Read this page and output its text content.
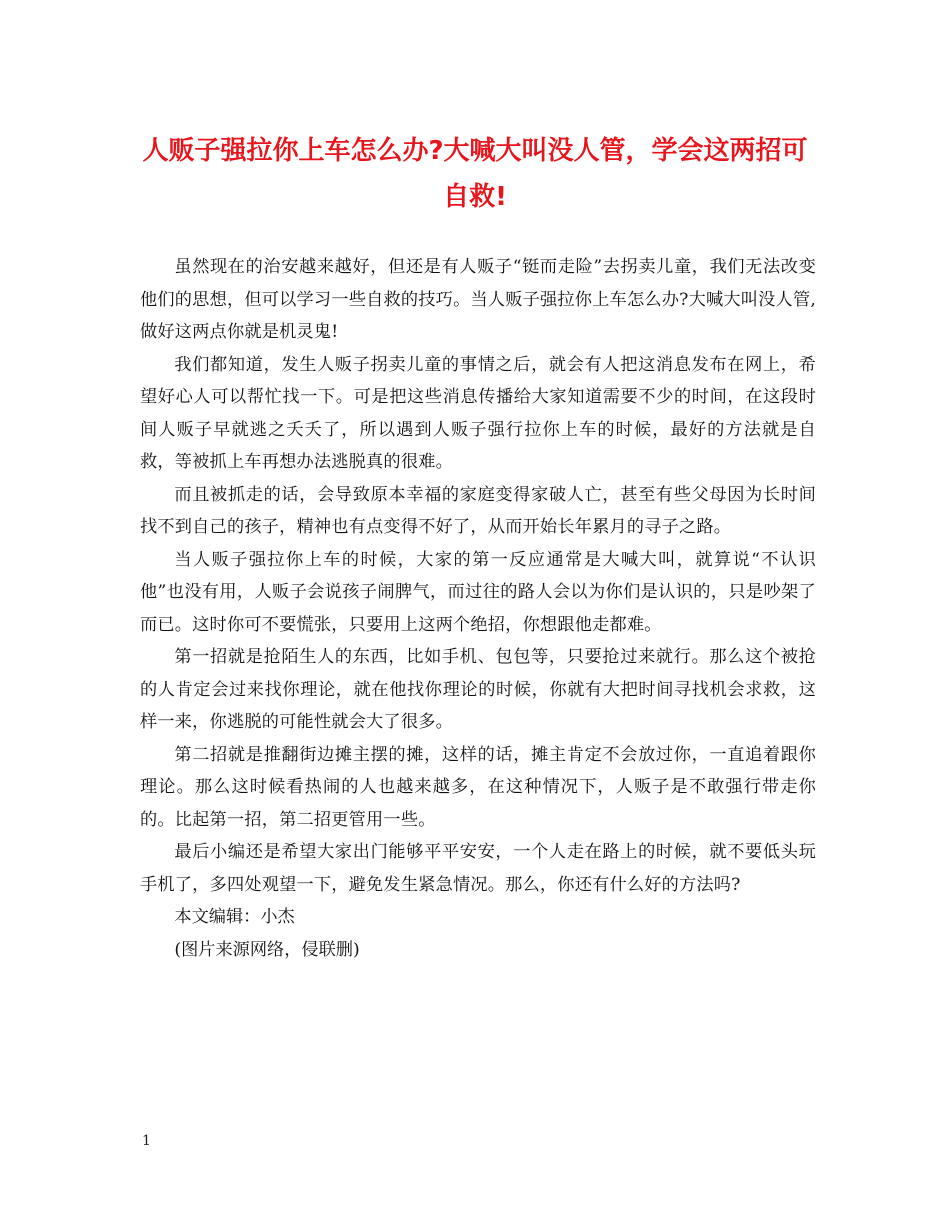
人贩子强拉你上车怎么办?大喊大叫没人管，学会这两招可自救!

虽然现在的治安越来越好，但还是有人贩子“铤而走险”去拐卖儿童，我们无法改变他们的思想，但可以学习一些自救的技巧。当人贩子强拉你上车怎么办?大喊大叫没人管,做好这两点你就是机灵鬼!

我们都知道，发生人贩子拐卖儿童的事情之后，就会有人把这消息发布在网上，希望好心人可以帮忙找一下。可是把这些消息传播给大家知道需要不少的时间，在这段时间人贩子早就逃之夭夭了，所以遇到人贩子强行拉你上车的时候，最好的方法就是自救，等被抓上车再想办法逃脱真的很难。

而且被抓走的话，会导致原本幸福的家庭变得家破人亡，甚至有些父母因为长时间找不到自己的孩子，精神也有点变得不好了，从而开始长年累月的寻子之路。

当人贩子强拉你上车的时候，大家的第一反应通常是大喊大叫，就算说“不认识他”也没有用，人贩子会说孩子闹脾气，而过往的路人会以为你们是认识的，只是吵架了而已。这时你可不要慌张，只要用上这两个绝招，你想跟他走都难。

第一招就是抢陌生人的东西，比如手机、包包等，只要抢过来就行。那么这个被抢的人肯定会过来找你理论，就在他找你理论的时候，你就有大把时间寻找机会求救，这样一来，你逃脱的可能性就会大了很多。

第二招就是推翻街边摊主摆的摊，这样的话，摊主肯定不会放过你，一直追着跟你理论。那么这时候看热闹的人也越来越多，在这种情况下，人贩子是不敢强行带走你的。比起第一招，第二招更管用一些。

最后小编还是希望大家出门能够平平安安，一个人走在路上的时候，就不要低头玩手机了，多四处观望一下，避免发生紧急情况。那么，你还有什么好的方法吗?

本文编辑：小杰

(图片来源网络，侵联删)

1
